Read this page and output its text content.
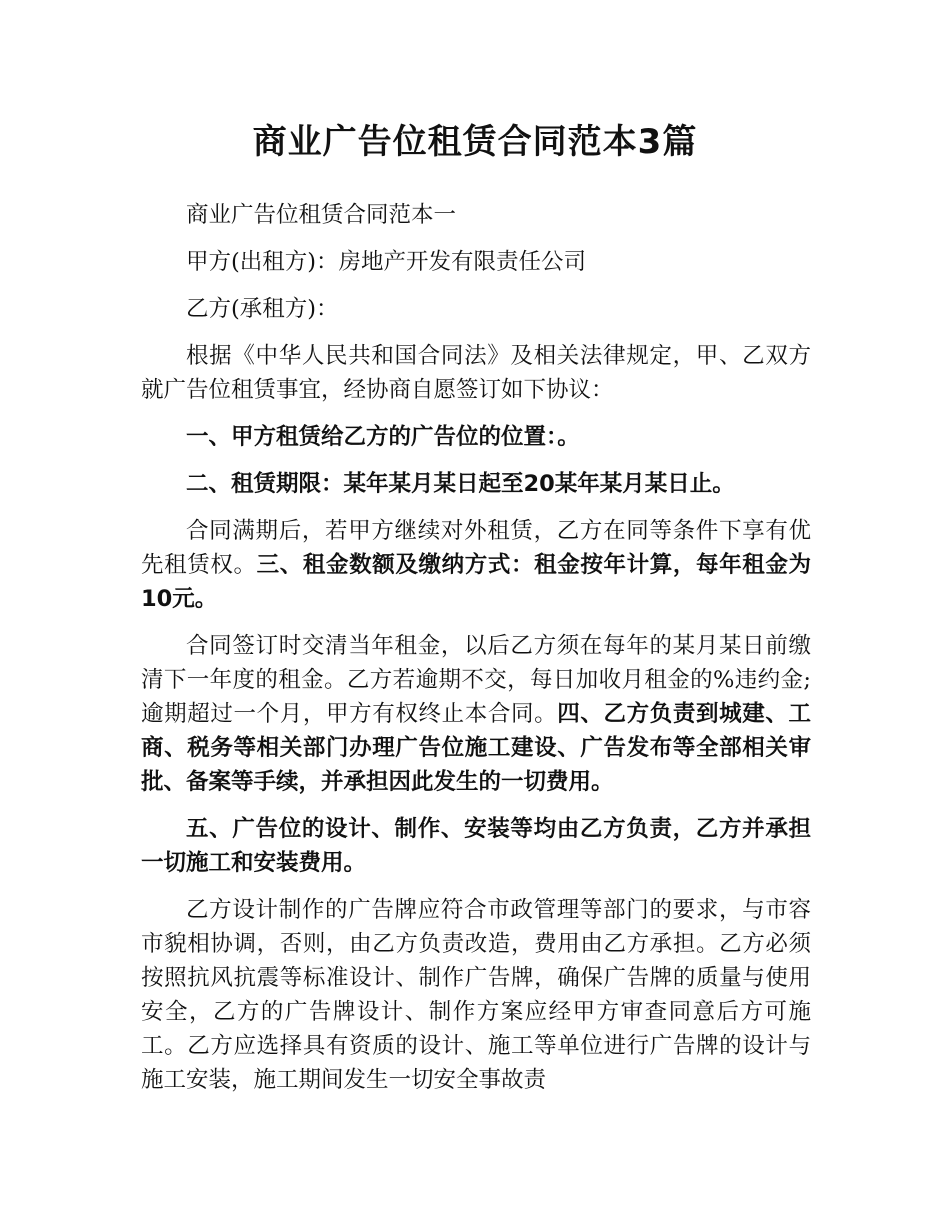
商业广告位租赁合同范本3篇

商业广告位租赁合同范本一

甲方(出租方)：房地产开发有限责任公司

乙方(承租方)：

根据《中华人民共和国合同法》及相关法律规定，甲、乙双方就广告位租赁事宜，经协商自愿签订如下协议：

一、甲方租赁给乙方的广告位的位置：。

二、租赁期限：某年某月某日起至20某年某月某日止。

合同满期后，若甲方继续对外租赁，乙方在同等条件下享有优先租赁权。三、租金数额及缴纳方式：租金按年计算，每年租金为10元。

合同签订时交清当年租金，以后乙方须在每年的某月某日前缴清下一年度的租金。乙方若逾期不交，每日加收月租金的%违约金;逾期超过一个月，甲方有权终止本合同。四、乙方负责到城建、工商、税务等相关部门办理广告位施工建设、广告发布等全部相关审批、备案等手续，并承担因此发生的一切费用。

五、广告位的设计、制作、安装等均由乙方负责，乙方并承担一切施工和安装费用。

乙方设计制作的广告牌应符合市政管理等部门的要求，与市容市貌相协调，否则，由乙方负责改造，费用由乙方承担。乙方必须按照抗风抗震等标准设计、制作广告牌，确保广告牌的质量与使用安全，乙方的广告牌设计、制作方案应经甲方审查同意后方可施工。乙方应选择具有资质的设计、施工等单位进行广告牌的设计与施工安装，施工期间发生一切安全事故责
